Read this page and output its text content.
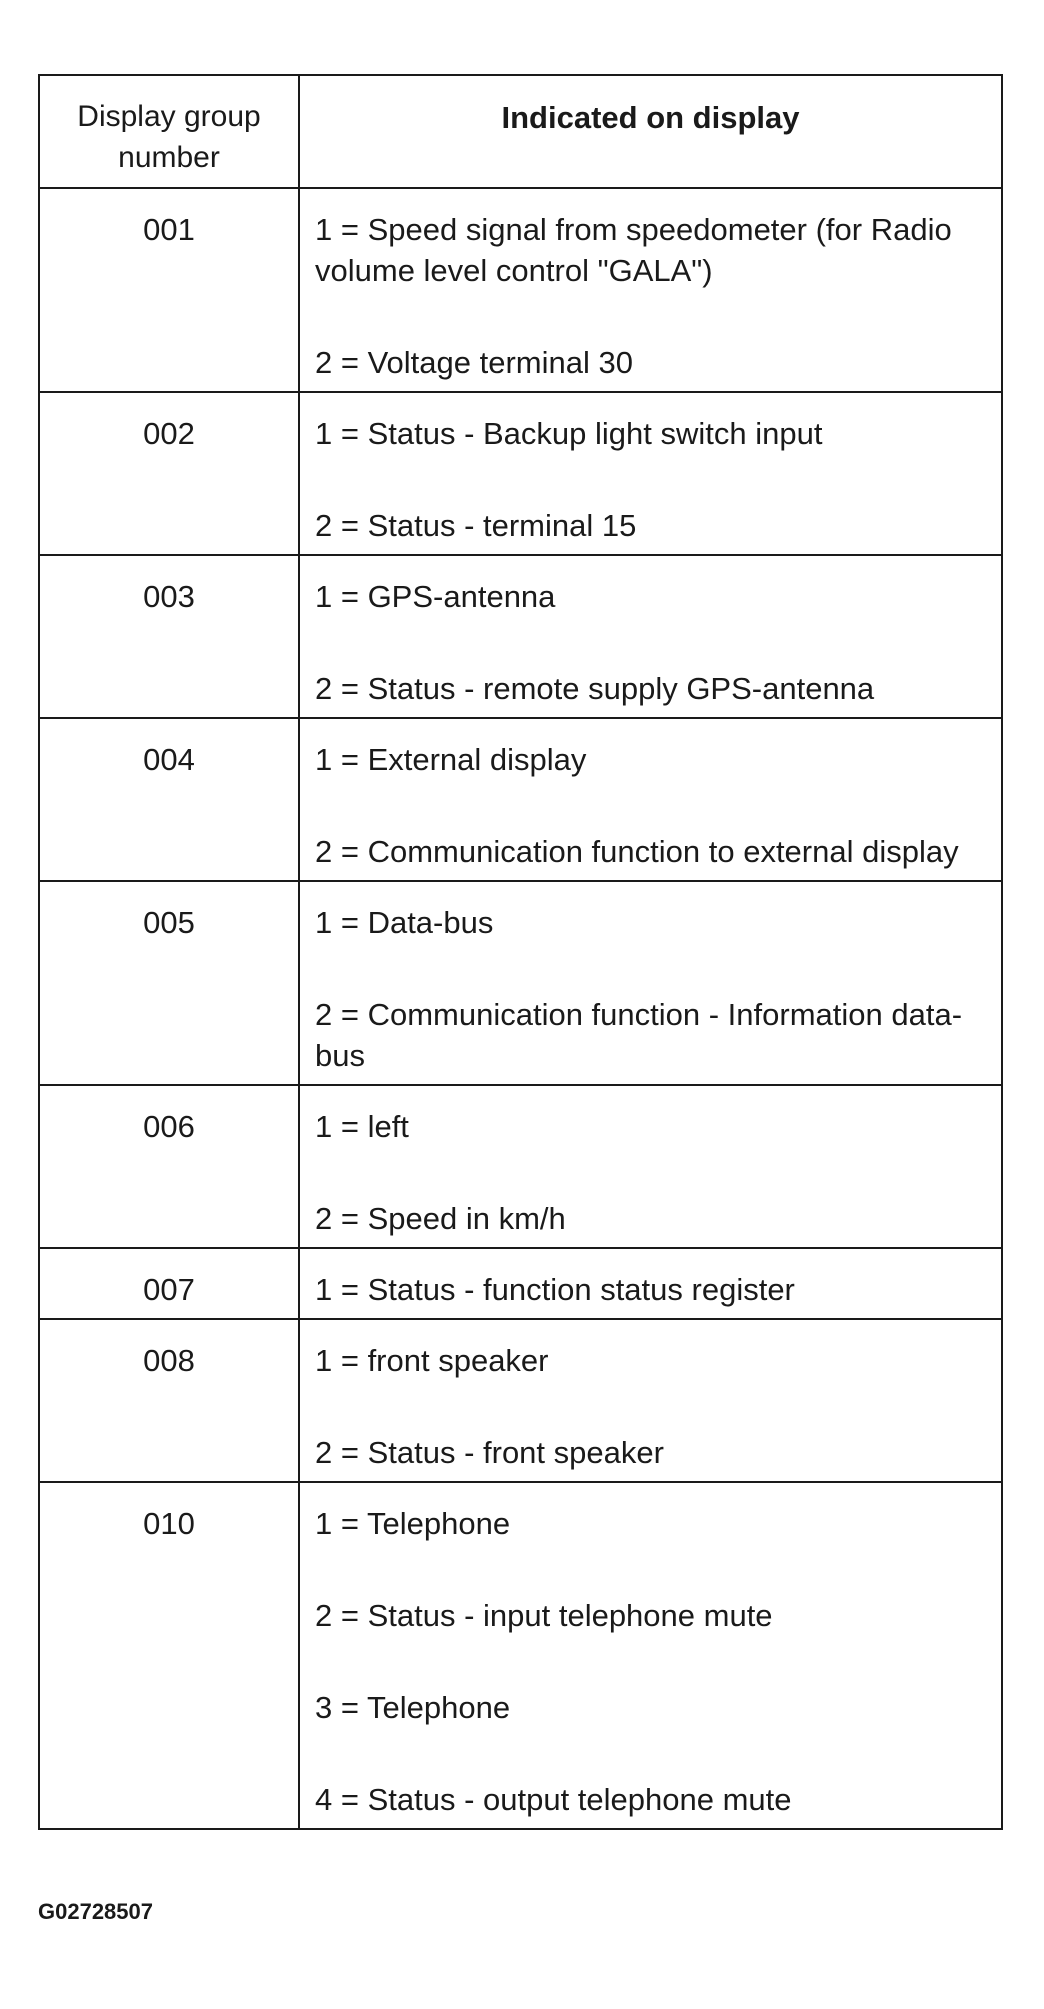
Display group
number	Indicated on display

001	1 = Speed signal from speedometer (for Radio volume level control "GALA")
2 = Voltage terminal 30

002	1 = Status - Backup light switch input
2 = Status - terminal 15

003	1 = GPS-antenna
2 = Status - remote supply GPS-antenna

004	1 = External display
2 = Communication function to external display

005	1 = Data-bus
2 = Communication function - Information data-bus

006	1 = left
2 = Speed in km/h

007	1 = Status - function status register

008	1 = front speaker
2 = Status - front speaker

010	1 = Telephone
2 = Status - input telephone mute
3 = Telephone
4 = Status - output telephone mute
G02728507
